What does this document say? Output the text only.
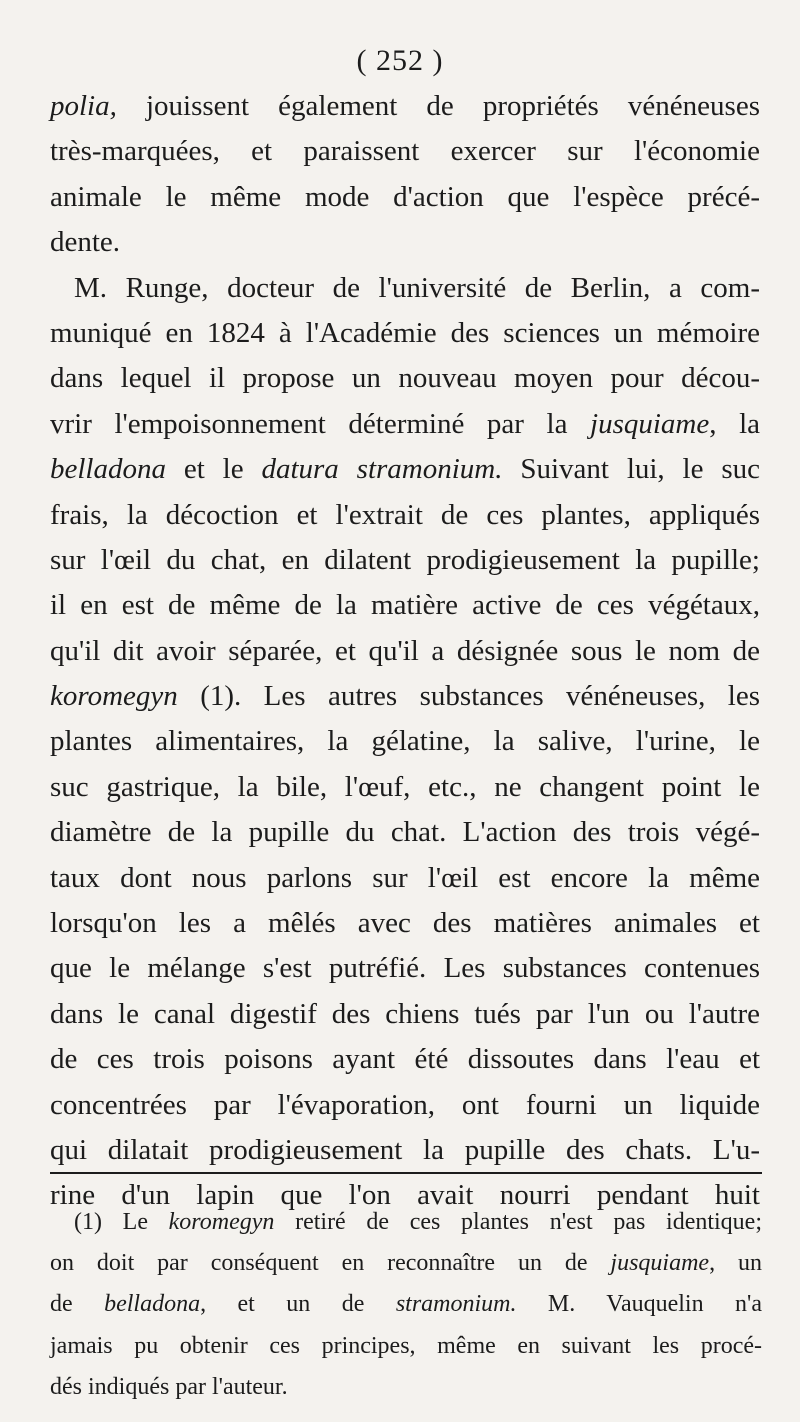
( 252 )
polia, jouissent également de propriétés vénéneuses
très-marquées, et paraissent exercer sur l'économie
animale le même mode d'action que l'espèce précé-
dente.
M. Runge, docteur de l'université de Berlin, a com-
muniqué en 1824 à l'Académie des sciences un mémoire
dans lequel il propose un nouveau moyen pour décou-
vrir l'empoisonnement déterminé par la jusquiame, la
belladona et le datura stramonium. Suivant lui, le suc
frais, la décoction et l'extrait de ces plantes, appliqués
sur l'œil du chat, en dilatent prodigieusement la pupille;
il en est de même de la matière active de ces végétaux,
qu'il dit avoir séparée, et qu'il a désignée sous le nom de
koromegyn (1). Les autres substances vénéneuses, les
plantes alimentaires, la gélatine, la salive, l'urine, le
suc gastrique, la bile, l'œuf, etc., ne changent point le
diamètre de la pupille du chat. L'action des trois végé-
taux dont nous parlons sur l'œil est encore la même
lorsqu'on les a mêlés avec des matières animales et
que le mélange s'est putréfié. Les substances contenues
dans le canal digestif des chiens tués par l'un ou l'autre
de ces trois poisons ayant été dissoutes dans l'eau et
concentrées par l'évaporation, ont fourni un liquide
qui dilatait prodigieusement la pupille des chats. L'u-
rine d'un lapin que l'on avait nourri pendant huit
(1) Le koromegyn retiré de ces plantes n'est pas identique;
on doit par conséquent en reconnaître un de jusquiame, un
de belladona, et un de stramonium. M. Vauquelin n'a
jamais pu obtenir ces principes, même en suivant les procé-
dés indiqués par l'auteur.
